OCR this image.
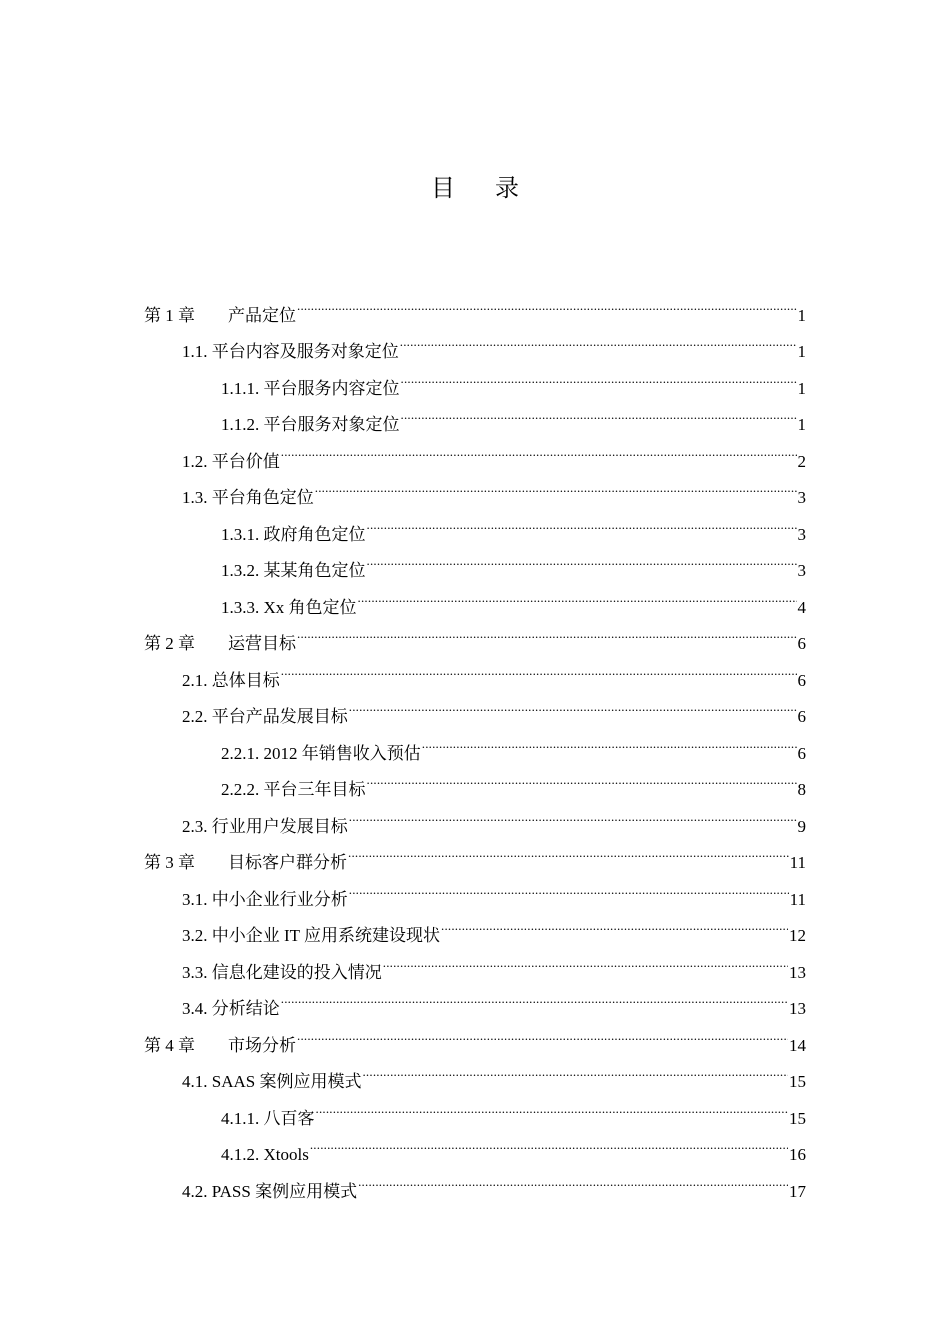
目 录
第 1 章 产品定位 .....	1
1.1. 平台内容及服务对象定位 .....	1
1.1.1. 平台服务内容定位 .....	1
1.1.2. 平台服务对象定位 .....	1
1.2. 平台价值 .....	2
1.3. 平台角色定位 .....	3
1.3.1. 政府角色定位 .....	3
1.3.2. 某某角色定位 .....	3
1.3.3. Xx 角色定位 .....	4
第 2 章 运营目标 .....	6
2.1. 总体目标 .....	6
2.2. 平台产品发展目标 .....	6
2.2.1. 2012 年销售收入预估 .....	6
2.2.2. 平台三年目标 .....	8
2.3. 行业用户发展目标 .....	9
第 3 章 目标客户群分析 .....	11
3.1. 中小企业行业分析 .....	11
3.2. 中小企业 IT 应用系统建设现状 .....	12
3.3. 信息化建设的投入情况 .....	13
3.4. 分析结论 .....	13
第 4 章 市场分析 .....	14
4.1. SAAS 案例应用模式 .....	15
4.1.1. 八百客 .....	15
4.1.2. Xtools .....	16
4.2. PASS 案例应用模式 .....	17
